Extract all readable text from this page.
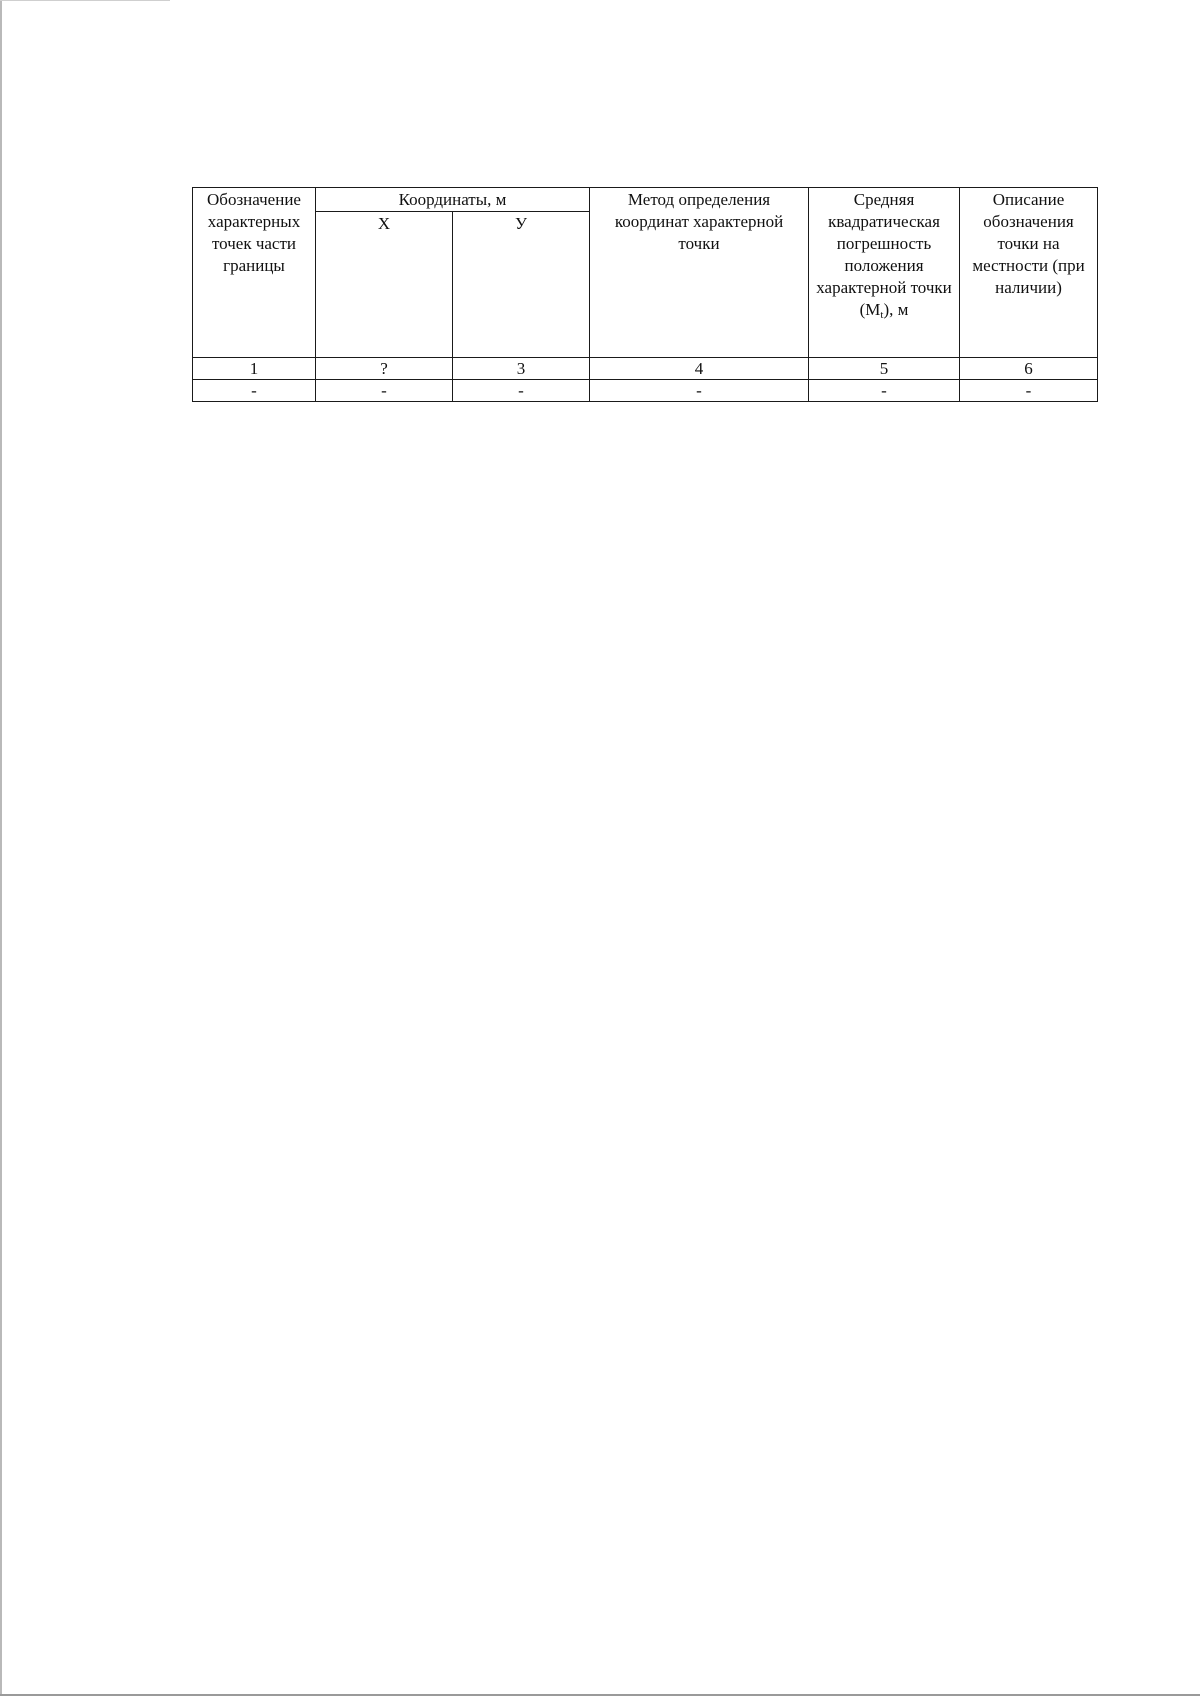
Обозначение характерных точек части границы	Координаты, м		Метод определения координат характерной точки	Средняя квадратическая погрешность положения характерной точки (Mt), м	Описание обозначения точки на местности (при наличии)
	X	У			
1	?	3	4	5	6
-	-	-	-	-	-
